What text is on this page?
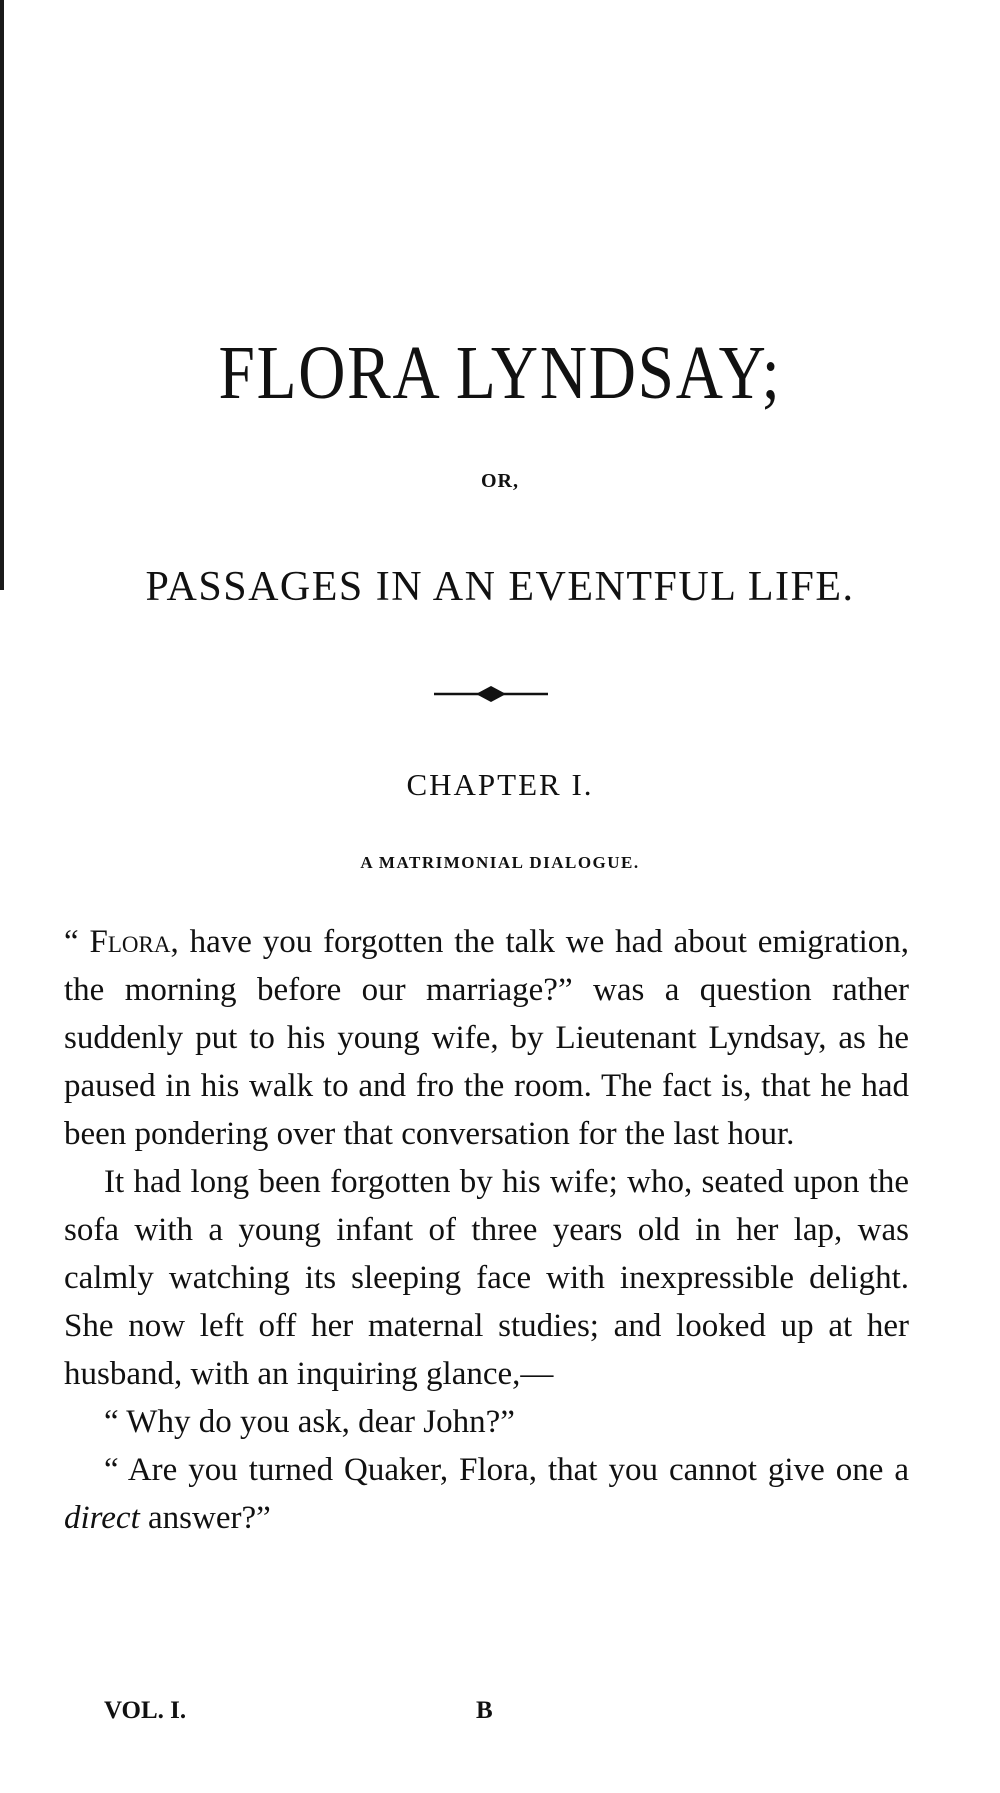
FLORA LYNDSAY;
OR,
PASSAGES IN AN EVENTFUL LIFE.
CHAPTER I.
A MATRIMONIAL DIALOGUE.

“ Flora, have you forgotten the talk we had about emigration, the morning before our marriage?” was a question rather suddenly put to his young wife, by Lieutenant Lyndsay, as he paused in his walk to and fro the room. The fact is, that he had been pondering over that conversation for the last hour.

It had long been forgotten by his wife; who, seated upon the sofa with a young infant of three years old in her lap, was calmly watching its sleeping face with inexpressible delight. She now left off her maternal studies; and looked up at her husband, with an inquiring glance,—

“ Why do you ask, dear John?”

“ Are you turned Quaker, Flora, that you cannot give one a direct answer?”

VOL. I.	B
